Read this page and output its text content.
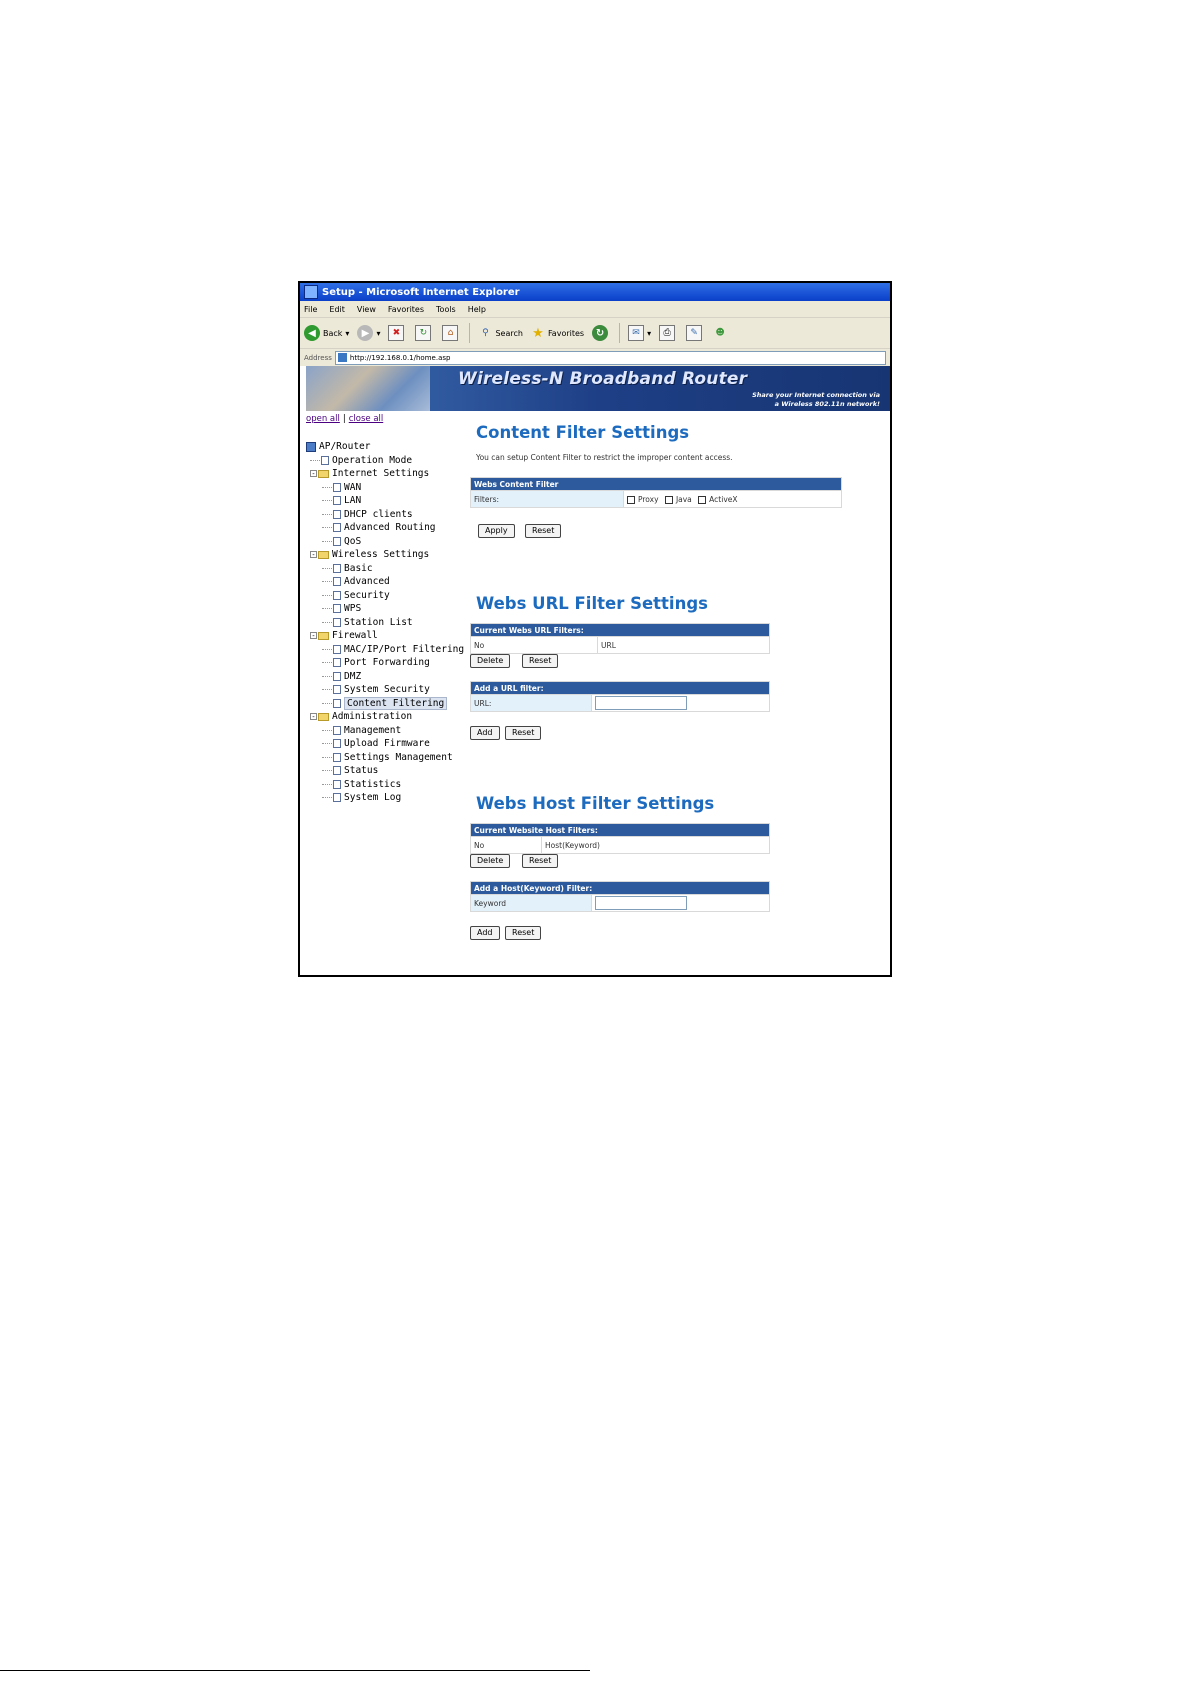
Setup - Microsoft Internet Explorer
File Edit View Favorites Tools Help
◀ Back ▾	▶ ▾	✖	↻	⌂	⚲ Search ★ Favorites	↻	✉ ▾	⎙	✎	☻
Address	http://192.168.0.1/home.asp
Wireless-N Broadband Router
Share your Internet connection via
a Wireless 802.11n network!
open all | close all
AP/Router
Operation Mode
- Internet Settings
WAN
LAN
DHCP clients
Advanced Routing
QoS
- Wireless Settings
Basic
Advanced
Security
WPS
Station List
- Firewall
MAC/IP/Port Filtering
Port Forwarding
DMZ
System Security
Content Filtering
- Administration
Management
Upload Firmware
Settings Management
Status
Statistics
System Log
Content Filter Settings
You can setup Content Filter to restrict the improper content access.
Webs Content Filter
Filters:	Proxy Java ActiveX
Apply	Reset
Webs URL Filter Settings
Current Webs URL Filters:
No	URL
Delete	Reset
Add a URL filter:
URL:	
Add	Reset
Webs Host Filter Settings
Current Website Host Filters:
No	Host(Keyword)
Delete	Reset
Add a Host(Keyword) Filter:
Keyword	
Add	Reset
